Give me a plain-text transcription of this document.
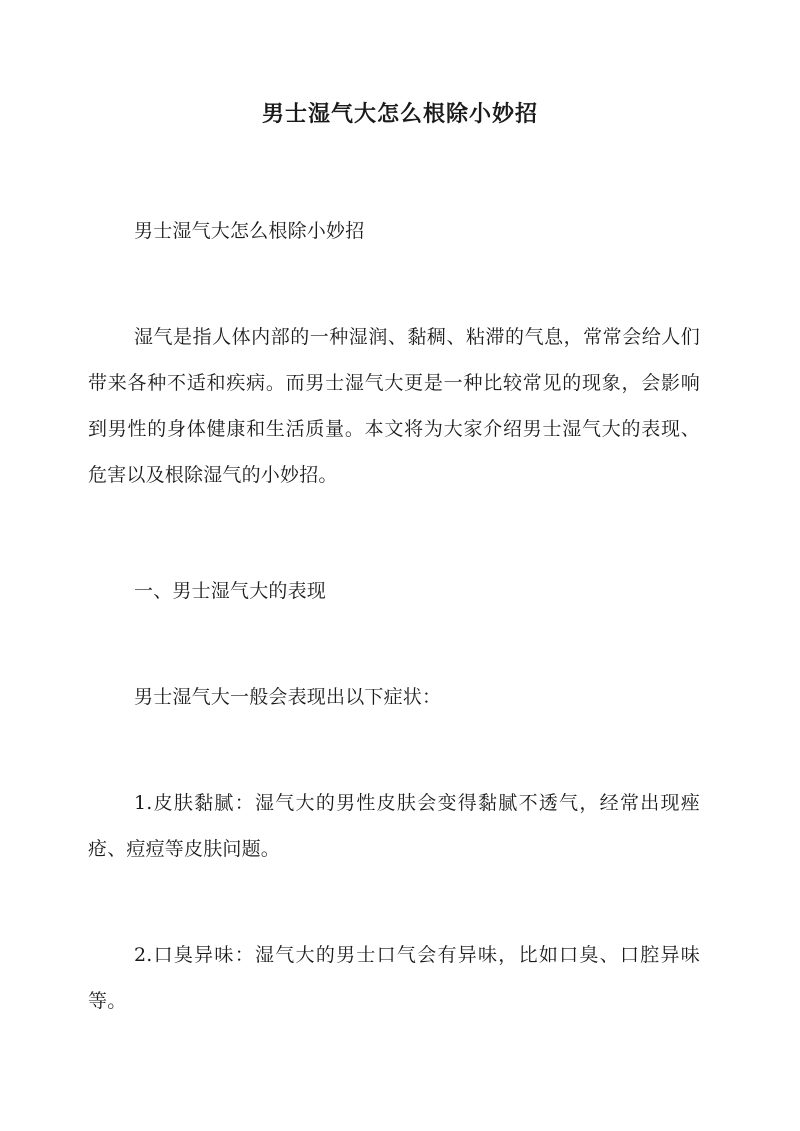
男士湿气大怎么根除小妙招
男士湿气大怎么根除小妙招
湿气是指人体内部的一种湿润、黏稠、粘滞的气息，常常会给人们带来各种不适和疾病。而男士湿气大更是一种比较常见的现象，会影响到男性的身体健康和生活质量。本文将为大家介绍男士湿气大的表现、危害以及根除湿气的小妙招。
一、男士湿气大的表现
男士湿气大一般会表现出以下症状：
1.皮肤黏腻：湿气大的男性皮肤会变得黏腻不透气，经常出现痤疮、痘痘等皮肤问题。
2.口臭异味：湿气大的男士口气会有异味，比如口臭、口腔异味等。
